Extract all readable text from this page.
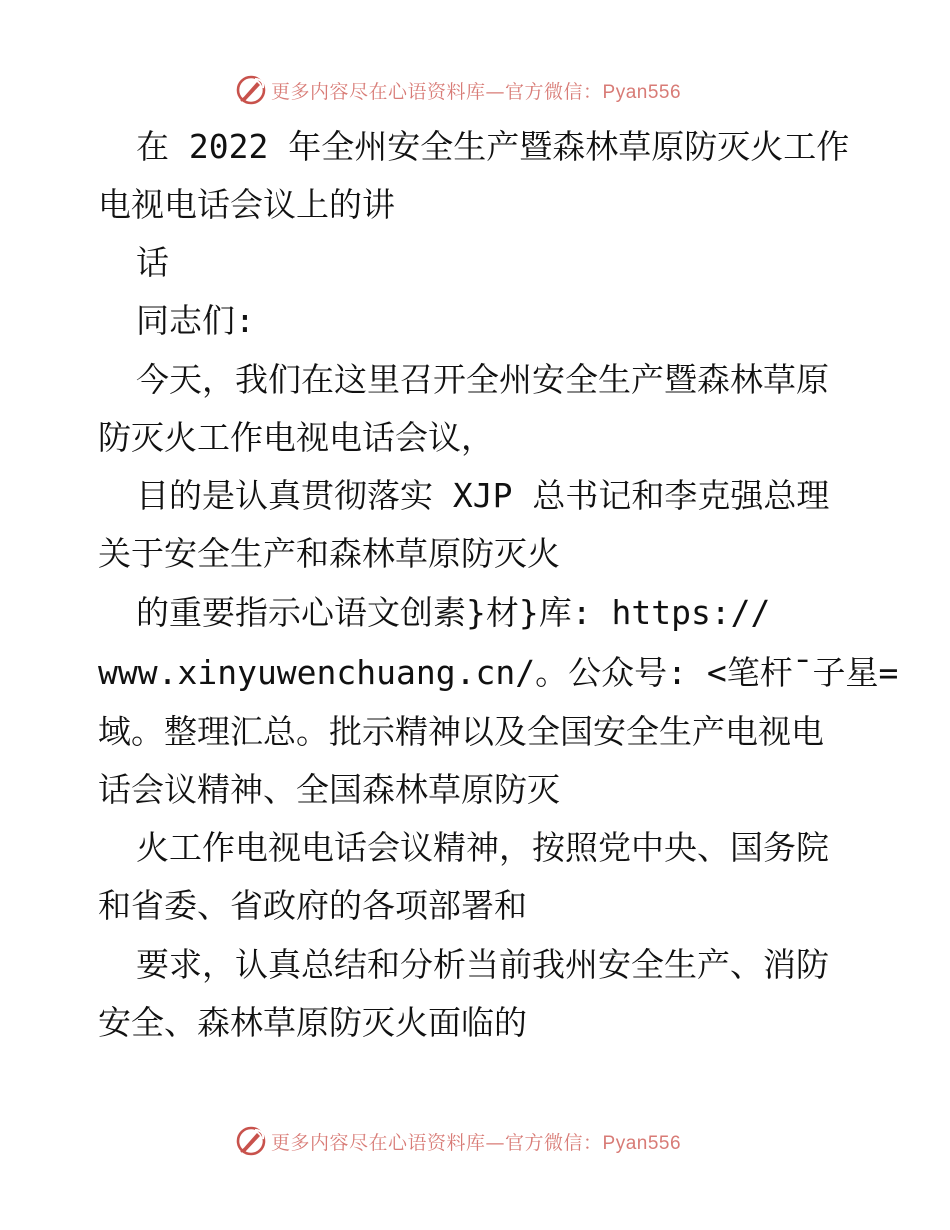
更多内容尽在心语资料库—官方微信：Pyan556

在 2022 年全州安全生产暨森林草原防灭火工作

电视电话会议上的讲

话

同志们:

今天，我们在这里召开全州安全生产暨森林草原

防灭火工作电视电话会议，

目的是认真贯彻落实 XJP 总书记和李克强总理

关于安全生产和森林草原防灭火

的重要指示心语文创素}材}库: https://

www.xinyuwenchuang.cn/。公众号: <笔杆¯子星=

域。整理汇总。批示精神以及全国安全生产电视电

话会议精神、全国森林草原防灭

火工作电视电话会议精神，按照党中央、国务院

和省委、省政府的各项部署和

要求，认真总结和分析当前我州安全生产、消防

安全、森林草原防灭火面临的

更多内容尽在心语资料库—官方微信：Pyan556
